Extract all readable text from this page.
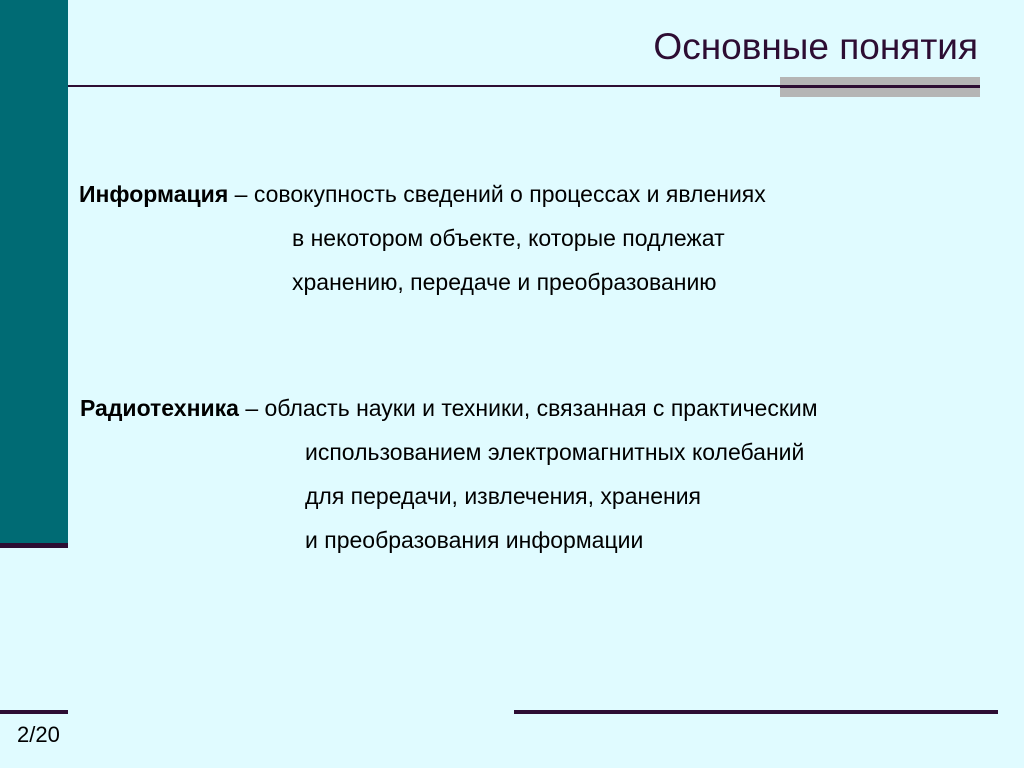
Основные понятия
Информация – совокупность сведений о процессах и явлениях
в некотором объекте, которые подлежат
хранению, передаче и преобразованию
Радиотехника – область науки и техники, связанная с практическим
использованием электромагнитных колебаний
для передачи, извлечения, хранения
и преобразования информации
2/20
